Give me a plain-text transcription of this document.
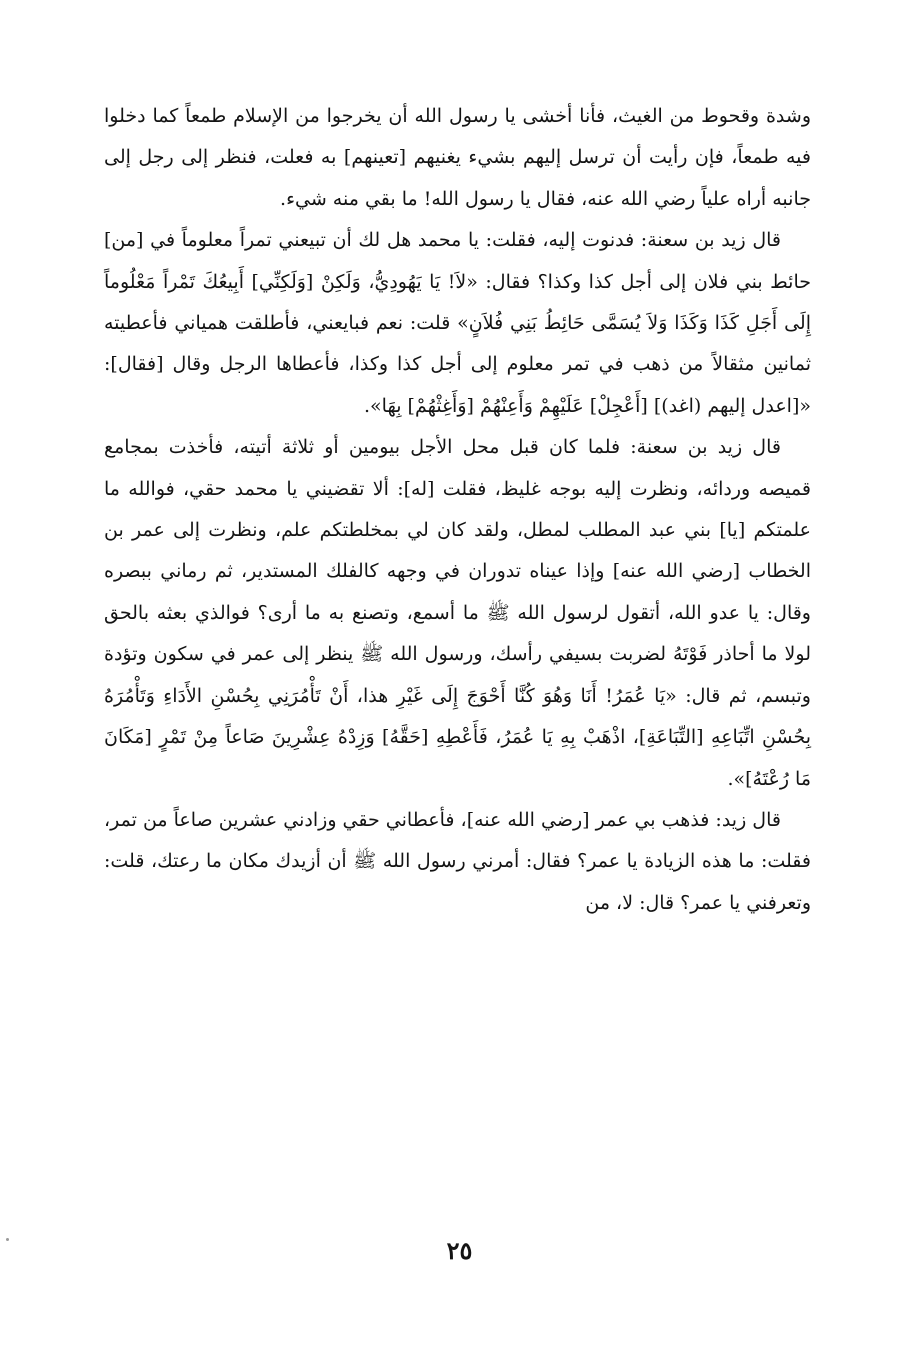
وشدة وقحوط من الغيث، فأنا أخشى يا رسول الله أن يخرجوا من الإسلام طمعاً كما دخلوا فيه طمعاً، فإن رأيت أن ترسل إليهم بشيء يغنيهم [تعينهم] به فعلت، فنظر إلى رجل إلى جانبه أراه علياً رضي الله عنه، فقال يا رسول الله! ما بقي منه شيء.

قال زيد بن سعنة: فدنوت إليه، فقلت: يا محمد هل لك أن تبيعني تمراً معلوماً في [من] حائط بني فلان إلى أجل كذا وكذا؟ فقال: «لاَ! يَا يَهُودِيُّ، وَلَكِنْ [وَلَكِنِّي] أَبِيعُكَ تَمْراً مَعْلُوماً إِلَى أَجَلِ كَذَا وَكَذَا وَلاَ يُسَمَّى حَائِطُ بَنِي فُلاَنٍ» قلت: نعم فبايعني، فأطلقت همياني فأعطيته ثمانين مثقالاً من ذهب في تمر معلوم إلى أجل كذا وكذا، فأعطاها الرجل وقال [فقال]: «[اعدل إليهم (اغد)] [أَعْجِلْ] عَلَيْهِمْ وَأَعِنْهُمْ [وَأَغِثْهُمْ] بِهَا».

قال زيد بن سعنة: فلما كان قبل محل الأجل بيومين أو ثلاثة أتيته، فأخذت بمجامع قميصه وردائه، ونظرت إليه بوجه غليظ، فقلت [له]: ألا تقضيني يا محمد حقي، فوالله ما علمتكم [يا] بني عبد المطلب لمطل، ولقد كان لي بمخلطتكم علم، ونظرت إلى عمر بن الخطاب [رضي الله عنه] وإذا عيناه تدوران في وجهه كالفلك المستدير، ثم رماني ببصره وقال: يا عدو الله، أتقول لرسول الله ﷺ ما أسمع، وتصنع به ما أرى؟ فوالذي بعثه بالحق لولا ما أحاذر فَوْتَهُ لضربت بسيفي رأسك، ورسول الله ﷺ ينظر إلى عمر في سكون وتؤدة وتبسم، ثم قال: «يَا عُمَرُ! أَنَا وَهُوَ كُنَّا أَحْوَجَ إِلَى غَيْرِ هذا، أَنْ تَأْمُرَنِي بِحُسْنِ الأَدَاءِ وَتَأْمُرَهُ بِحُسْنِ اتِّبَاعِهِ [التِّبَاعَةِ]، اذْهَبْ بِهِ يَا عُمَرُ، فَأَعْطِهِ [حَقَّهُ] وَزِدْهُ عِشْرِينَ صَاعاً مِنْ تَمْرٍ [مَكَانَ مَا رُعْتَهُ]».

قال زيد: فذهب بي عمر [رضي الله عنه]، فأعطاني حقي وزادني عشرين صاعاً من تمر، فقلت: ما هذه الزيادة يا عمر؟ فقال: أمرني رسول الله ﷺ أن أزيدك مكان ما رعتك، قلت: وتعرفني يا عمر؟ قال: لا، من

٢٥
